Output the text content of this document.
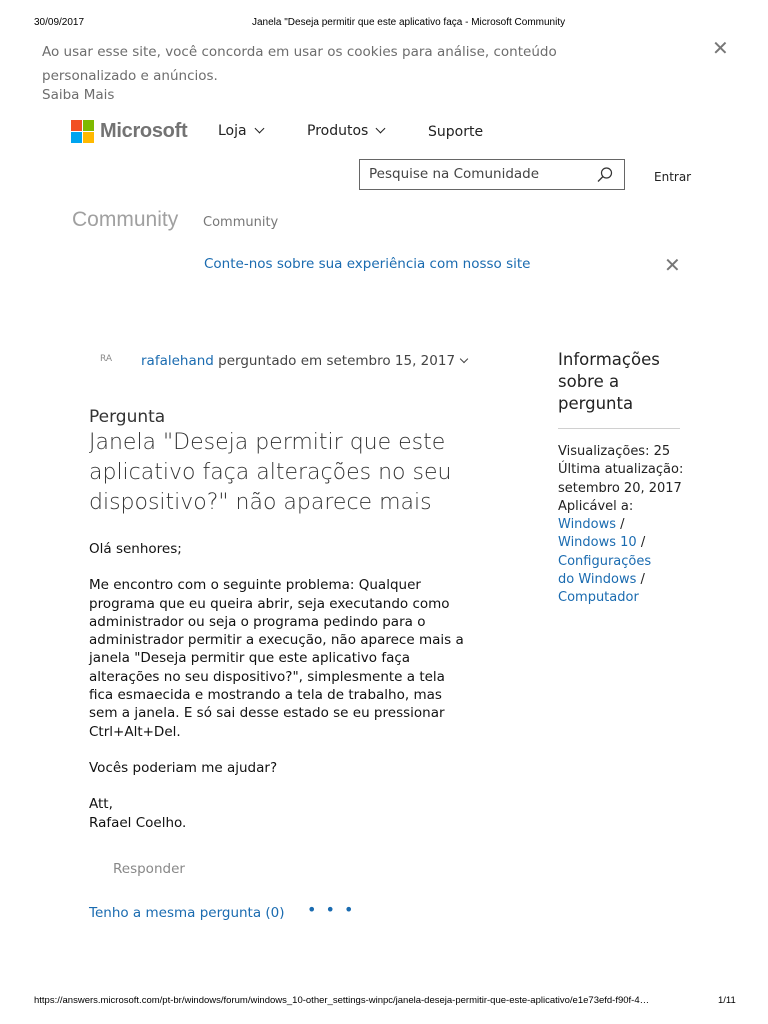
30/09/2017	Janela "Deseja permitir que este aplicativo faça - Microsoft Community
Ao usar esse site, você concorda em usar os cookies para análise, conteúdo personalizado e anúncios.
Saiba Mais
✕
Microsoft Loja	Produtos	Suporte
Pesquise na Comunidade
Entrar
Community Community
Conte-nos sobre sua experiência com nosso site	✕
RA rafalehand perguntado em setembro 15, 2017
Pergunta
Janela "Deseja permitir que este aplicativo faça alterações no seu dispositivo?" não aparece mais

Olá senhores;

Me encontro com o seguinte problema: Qualquer programa que eu queira abrir, seja executando como administrador ou seja o programa pedindo para o administrador permitir a execução, não aparece mais a janela "Deseja permitir que este aplicativo faça alterações no seu dispositivo?", simplesmente a tela fica esmaecida e mostrando a tela de trabalho, mas sem a janela. E só sai desse estado se eu pressionar Ctrl+Alt+Del.

Vocês poderiam me ajudar?

Att,
Rafael Coelho.

Responder
Tenho a mesma pergunta (0) • • •
Informações sobre a pergunta
Visualizações: 25
Última atualização:
setembro 20, 2017
Aplicável a:
Windows /
Windows 10 /
Configurações do Windows /
Computador
https://answers.microsoft.com/pt-br/windows/forum/windows_10-other_settings-winpc/janela-deseja-permitir-que-este-aplicativo/e1e73efd-f90f-4…	1/11
